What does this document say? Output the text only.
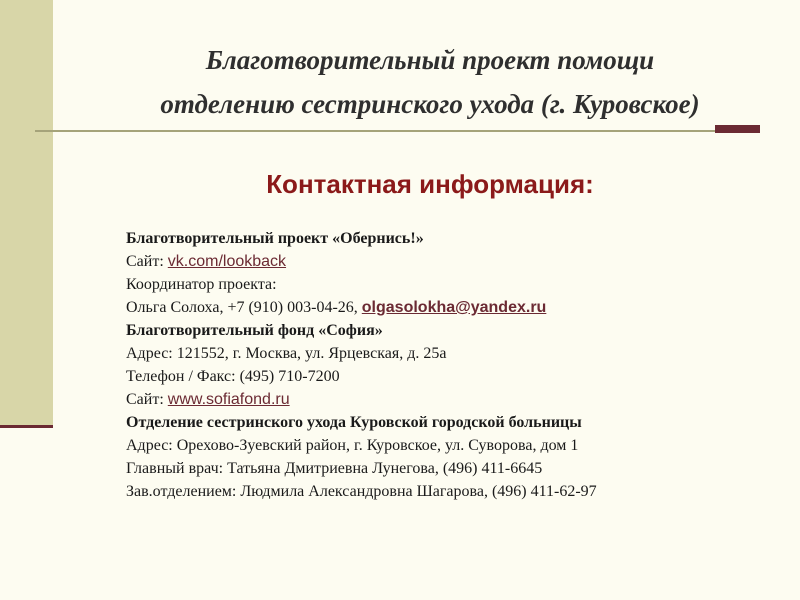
Благотворительный проект помощи
отделению сестринского ухода (г. Куровское)
Контактная информация:
Благотворительный проект «Обернись!»
Сайт: vk.com/lookback
Координатор проекта:
Ольга Солоха, +7 (910) 003-04-26, olgasolokha@yandex.ru
Благотворительный фонд «София»
Адрес: 121552, г. Москва, ул. Ярцевская, д. 25а
Телефон / Факс: (495) 710-7200
Сайт: www.sofiafond.ru
Отделение сестринского ухода Куровской городской больницы
Адрес: Орехово-Зуевский район, г. Куровское, ул. Суворова, дом 1
Главный врач: Татьяна Дмитриевна Лунегова, (496) 411-6645
Зав.отделением: Людмила Александровна Шагарова, (496) 411-62-97
